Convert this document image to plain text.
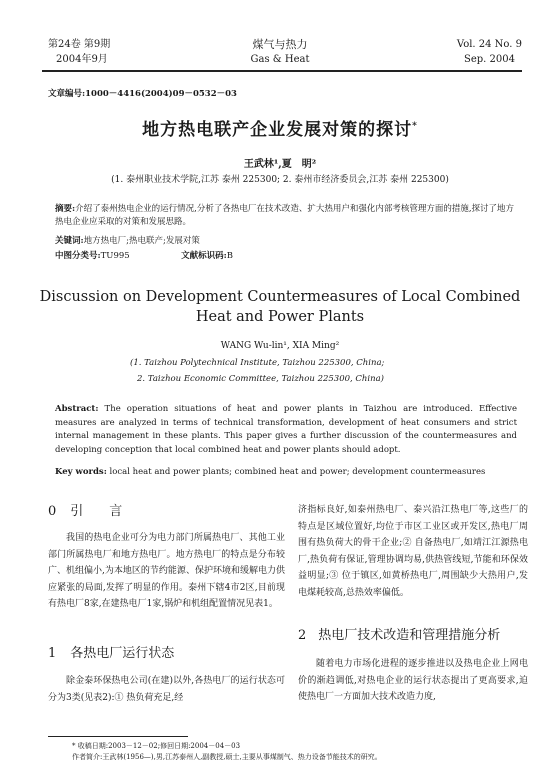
第24卷 第9期
2004年9月
煤气与热力
Gas & Heat
Vol. 24 No. 9
Sep. 2004
文章编号:1000－4416(2004)09－0532－03
地方热电联产企业发展对策的探讨*
王武林¹,夏　明²
(1. 泰州职业技术学院,江苏 泰州 225300; 2. 泰州市经济委员会,江苏 泰州 225300)
摘要:介绍了泰州热电企业的运行情况,分析了各热电厂在技术改造、扩大热用户和强化内部考核管理方面的措施,探讨了地方热电企业应采取的对策和发展思路。
关键词:地方热电厂;热电联产;发展对策
中图分类号:TU995	文献标识码:B
Discussion on Development Countermeasures of Local Combined
Heat and Power Plants
WANG Wu-lin¹, XIA Ming²
(1. Taizhou Polytechnical Institute, Taizhou 225300, China;
2. Taizhou Economic Committee, Taizhou 225300, China)
Abstract: The operation situations of heat and power plants in Taizhou are introduced. Effective measures are analyzed in terms of technical transformation, development of heat consumers and strict internal management in these plants. This paper gives a further discussion of the countermeasures and developing conception that local combined heat and power plants should adopt.
Key words: local heat and power plants; combined heat and power; development countermeasures
0 引　　言
我国的热电企业可分为电力部门所属热电厂、其他工业部门所属热电厂和地方热电厂。地方热电厂的特点是分布较广、机组偏小,为本地区的节约能源、保护环境和缓解电力供应紧张的局面,发挥了明显的作用。泰州下辖4市2区,目前现有热电厂8家,在建热电厂1家,锅炉和机组配置情况见表1。
1 各热电厂运行状态
除金泰环保热电公司(在建)以外,各热电厂的运行状态可分为3类(见表2):① 热负荷充足,经
济指标良好,如泰州热电厂、泰兴沿江热电厂等,这些厂的特点是区域位置好,均位于市区工业区或开发区,热电厂周围有热负荷大的骨干企业;② 自备热电厂,如靖江江源热电厂,热负荷有保证,管理协调均易,供热管线短,节能和环保效益明显;③ 位于镇区,如黄桥热电厂,周围缺少大热用户,发电煤耗较高,总热效率偏低。
2 热电厂技术改造和管理措施分析
随着电力市场化进程的逐步推进以及热电企业上网电价的渐趋调低,对热电企业的运行状态提出了更高要求,迫使热电厂一方面加大技术改造力度,
* 收稿日期:2003－12－02;修回日期:2004－04－03
作者简介:王武林(1956—),男,江苏泰州人,副教授,硕士,主要从事煤制气、热力设备节能技术的研究。
